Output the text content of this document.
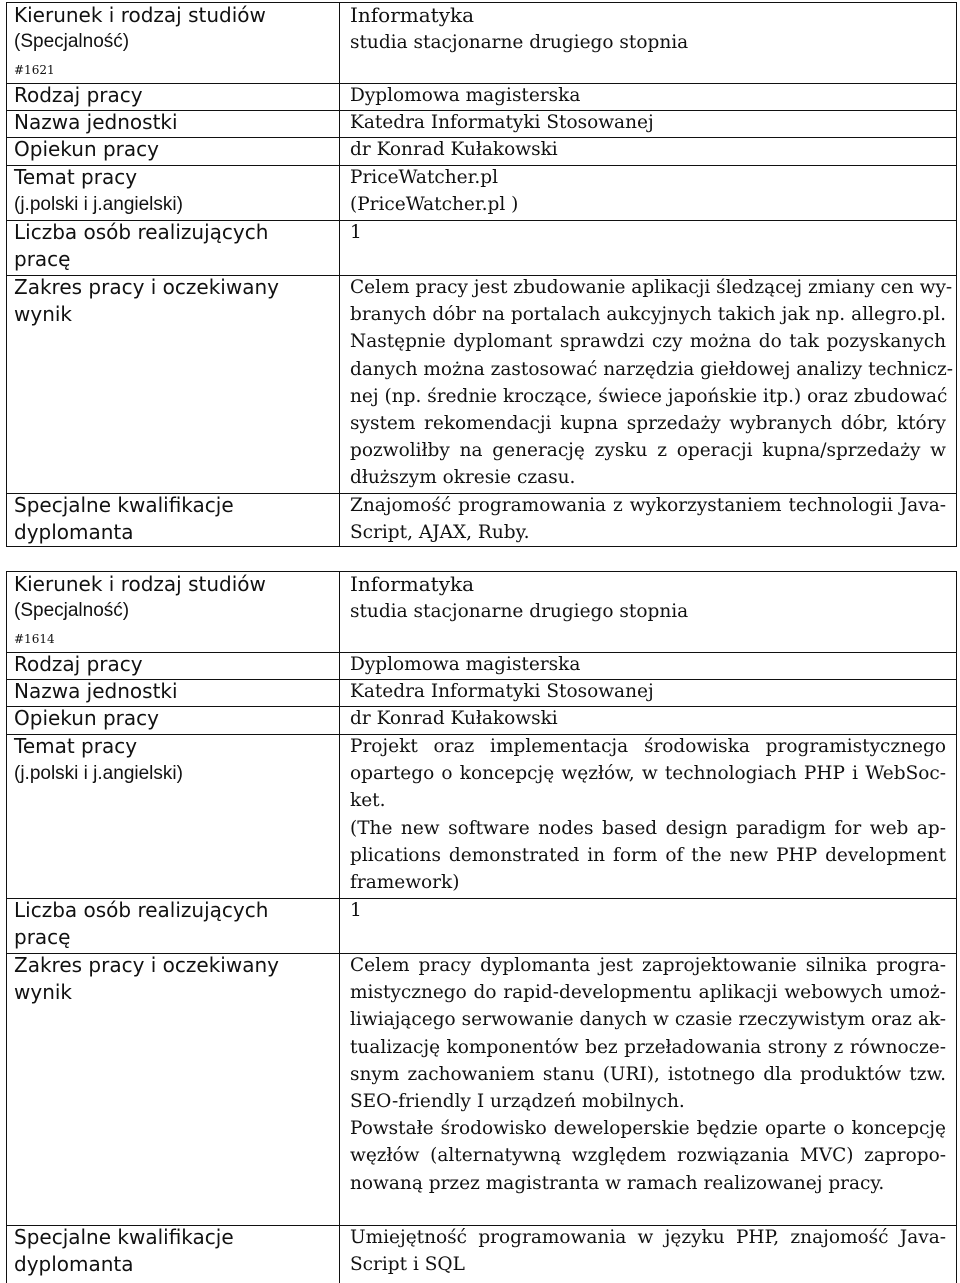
Kierunek i rodzaj studiów
(Specjalność)
#1621
Rodzaj pracy
Nazwa jednostki
Opiekun pracy
Temat pracy
(j.polski i j.angielski)
Liczba osób realizujących
pracę
Zakres pracy i oczekiwany
wynik
Specjalne kwalifikacje
dyplomanta
Informatyka
studia stacjonarne drugiego stopnia
Dyplomowa magisterska
Katedra Informatyki Stosowanej
dr Konrad Kułakowski
PriceWatcher.pl
(PriceWatcher.pl )
1
Celem pracy jest zbudowanie aplikacji śledzącej zmiany cen wy-
branych dóbr na portalach aukcyjnych takich jak np. allegro.pl.
Następnie dyplomant sprawdzi czy można do tak pozyskanych
danych można zastosować narzędzia giełdowej analizy technicz-
nej (np. średnie kroczące, świece japońskie itp.) oraz zbudować
system rekomendacji kupna sprzedaży wybranych dóbr, który
pozwoliłby na generację zysku z operacji kupna/sprzedaży w
dłuższym okresie czasu.
Znajomość programowania z wykorzystaniem technologii Java-
Script, AJAX, Ruby.
Kierunek i rodzaj studiów
(Specjalność)
#1614
Rodzaj pracy
Nazwa jednostki
Opiekun pracy
Temat pracy
(j.polski i j.angielski)
Liczba osób realizujących
pracę
Zakres pracy i oczekiwany
wynik
Specjalne kwalifikacje
dyplomanta
Informatyka
studia stacjonarne drugiego stopnia
Dyplomowa magisterska
Katedra Informatyki Stosowanej
dr Konrad Kułakowski
Projekt oraz implementacja środowiska programistycznego
opartego o koncepcję węzłów, w technologiach PHP i WebSoc-
ket.
(The new software nodes based design paradigm for web ap-
plications demonstrated in form of the new PHP development
framework)
1
Celem pracy dyplomanta jest zaprojektowanie silnika progra-
mistycznego do rapid-developmentu aplikacji webowych umoż-
liwiającego serwowanie danych w czasie rzeczywistym oraz ak-
tualizację komponentów bez przeładowania strony z równocze-
snym zachowaniem stanu (URI), istotnego dla produktów tzw.
SEO-friendly I urządzeń mobilnych.
Powstałe środowisko deweloperskie będzie oparte o koncepcję
węzłów (alternatywną względem rozwiązania MVC) zapropo-
nowaną przez magistranta w ramach realizowanej pracy.
Umiejętność programowania w języku PHP, znajomość Java-
Script i SQL
